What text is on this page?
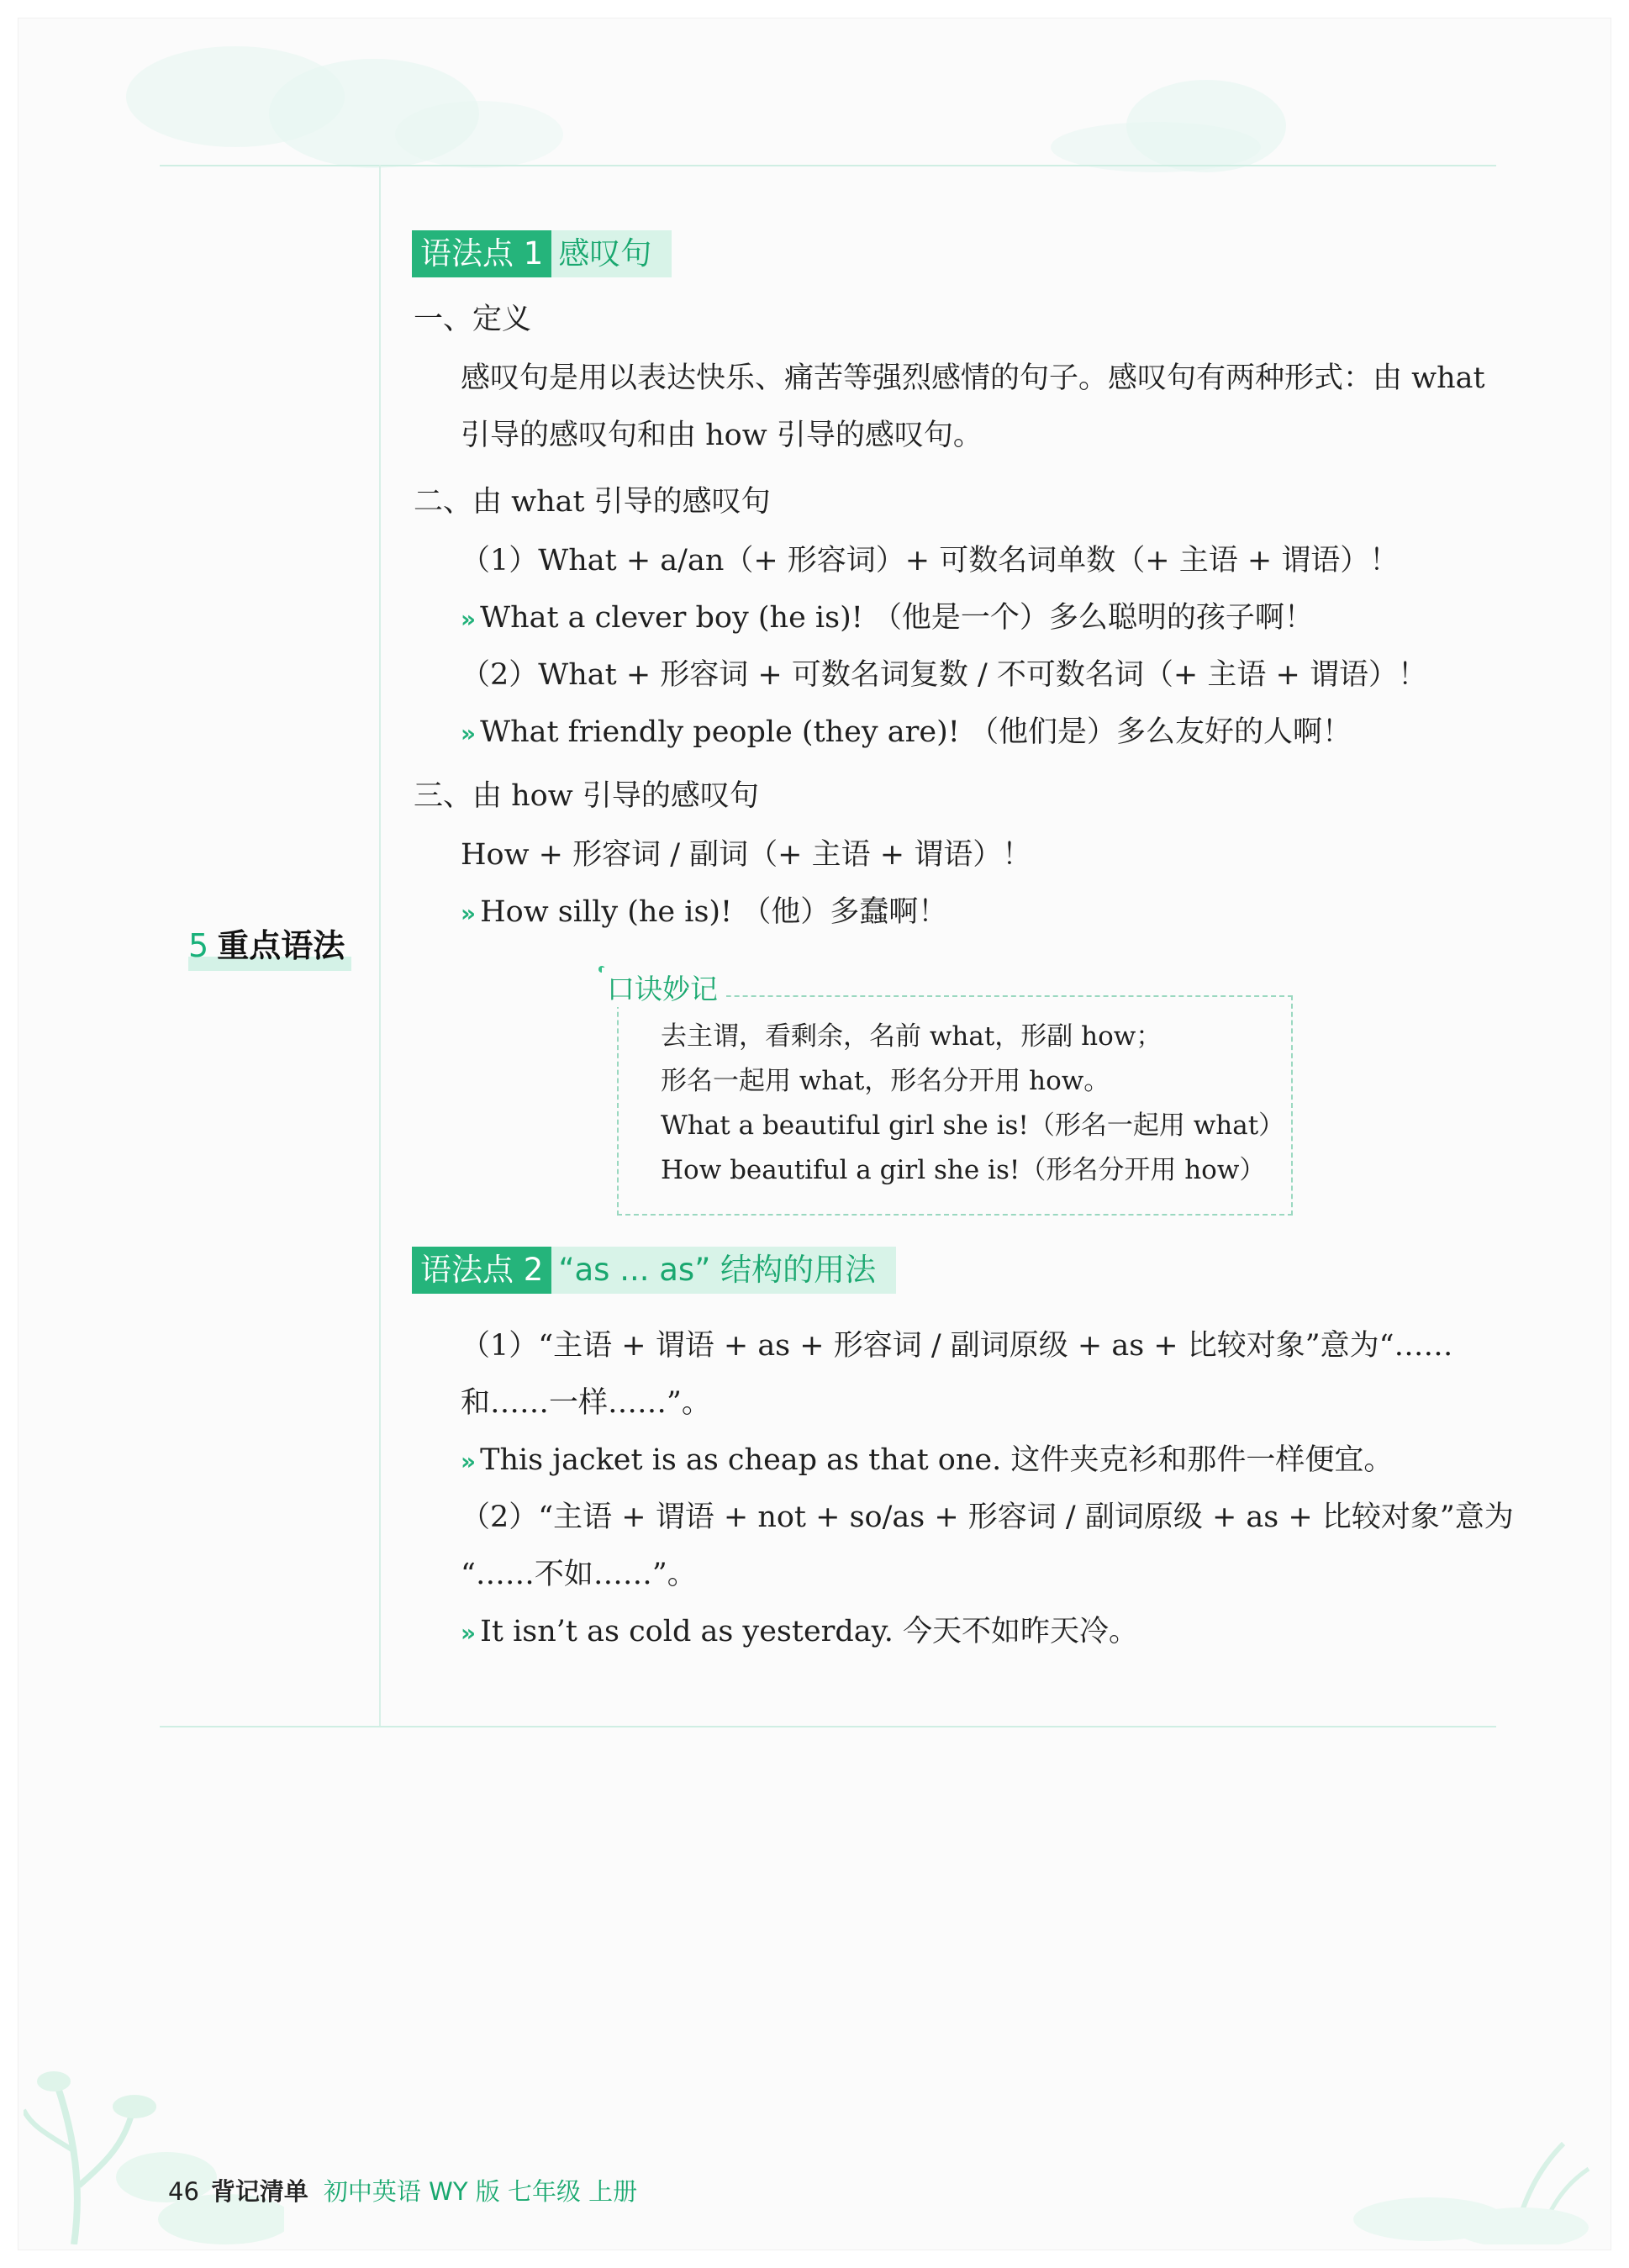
5 重点语法
语法点 1 感叹句
一、定义
感叹句是用以表达快乐、痛苦等强烈感情的句子。感叹句有两种形式：由 what
引导的感叹句和由 how 引导的感叹句。
二、由 what 引导的感叹句
（1）What + a/an（+ 形容词）+ 可数名词单数（+ 主语 + 谓语）！
» What a clever boy (he is)! （他是一个）多么聪明的孩子啊！
（2）What + 形容词 + 可数名词复数 / 不可数名词（+ 主语 + 谓语）！
» What friendly people (they are)! （他们是）多么友好的人啊！
三、由 how 引导的感叹句
How + 形容词 / 副词（+ 主语 + 谓语）！
» How silly (he is)! （他）多蠢啊！
口诀妙记
去主谓，看剩余，名前 what，形副 how；
形名一起用 what，形名分开用 how。
What a beautiful girl she is!（形名一起用 what）
How beautiful a girl she is!（形名分开用 how）
语法点 2 “as ... as” 结构的用法
（1）“主语 + 谓语 + as + 形容词 / 副词原级 + as + 比较对象”意为“……
和……一样……”。
» This jacket is as cheap as that one. 这件夹克衫和那件一样便宜。
（2）“主语 + 谓语 + not + so/as + 形容词 / 副词原级 + as + 比较对象”意为
“……不如……”。
» It isn’t as cold as yesterday. 今天不如昨天冷。
46 背记清单 初中英语 WY 版 七年级 上册
